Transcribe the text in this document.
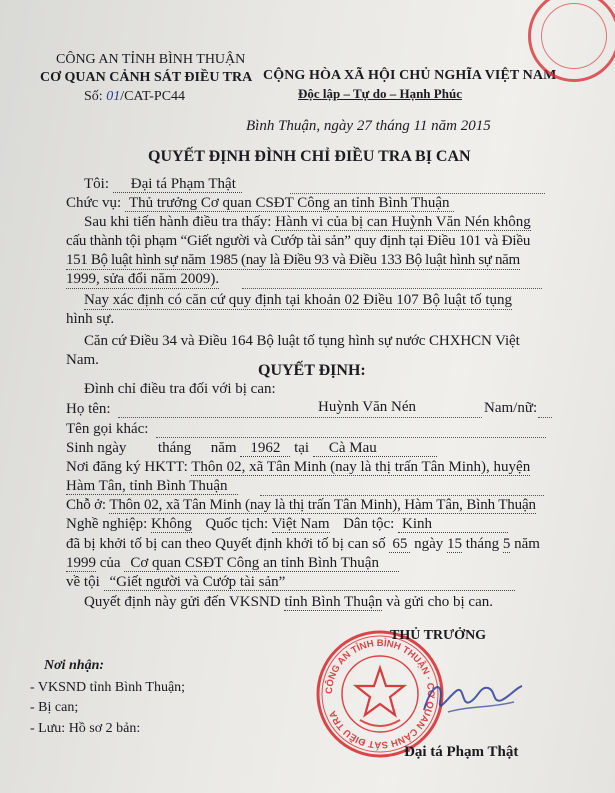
CÔNG AN TỈNH BÌNH THUẬN
CƠ QUAN CẢNH SÁT ĐIỀU TRA
Số: 01/CAT-PC44
CỘNG HÒA XÃ HỘI CHỦ NGHĨA VIỆT NAM
Độc lập – Tự do – Hạnh Phúc
Bình Thuận, ngày 27 tháng 11 năm 2015
QUYẾT ĐỊNH ĐÌNH CHỈ ĐIỀU TRA BỊ CAN
Tôi: Đại tá Phạm Thật
Chức vụ: Thủ trưởng Cơ quan CSĐT Công an tỉnh Bình Thuận
Sau khi tiến hành điều tra thấy: Hành vi của bị can Huỳnh Văn Nén không
cấu thành tội phạm “Giết người và Cướp tài sản” quy định tại Điều 101 và Điều
151 Bộ luật hình sự năm 1985 (nay là Điều 93 và Điều 133 Bộ luật hình sự năm
1999, sửa đổi năm 2009).
Nay xác định có căn cứ quy định tại khoản 02 Điều 107 Bộ luật tố tụng
hình sự.
Căn cứ Điều 34 và Điều 164 Bộ luật tố tụng hình sự nước CHXHCN Việt
Nam.
QUYẾT ĐỊNH:
Đình chỉ điều tra đối với bị can:
Họ tên:	Huỳnh Văn Nén	Nam/nữ:
Tên gọi khác:
Sinh ngày tháng năm 1962 tại Cà Mau
Nơi đăng ký HKTT: Thôn 02, xã Tân Minh (nay là thị trấn Tân Minh), huyện
Hàm Tân, tỉnh Bình Thuận
Chỗ ở: Thôn 02, xã Tân Minh (nay là thị trấn Tân Minh), Hàm Tân, Bình Thuận
Nghề nghiệp: Không Quốc tịch: Việt Nam Dân tộc: Kinh
đã bị khởi tố bị can theo Quyết định khởi tố bị can số 65 ngày 15 tháng 5 năm
1999 của Cơ quan CSĐT Công an tỉnh Bình Thuận
về tội “Giết người và Cướp tài sản”
Quyết định này gửi đến VKSND tỉnh Bình Thuận và gửi cho bị can.
Nơi nhận:
- VKSND tỉnh Bình Thuận;
- Bị can;
- Lưu: Hồ sơ 2 bản:
CÔNG AN TỈNH BÌNH THUẬN · CƠ QUAN CẢNH SÁT ĐIỀU TRA
THỦ TRƯỞNG
Đại tá Phạm Thật
